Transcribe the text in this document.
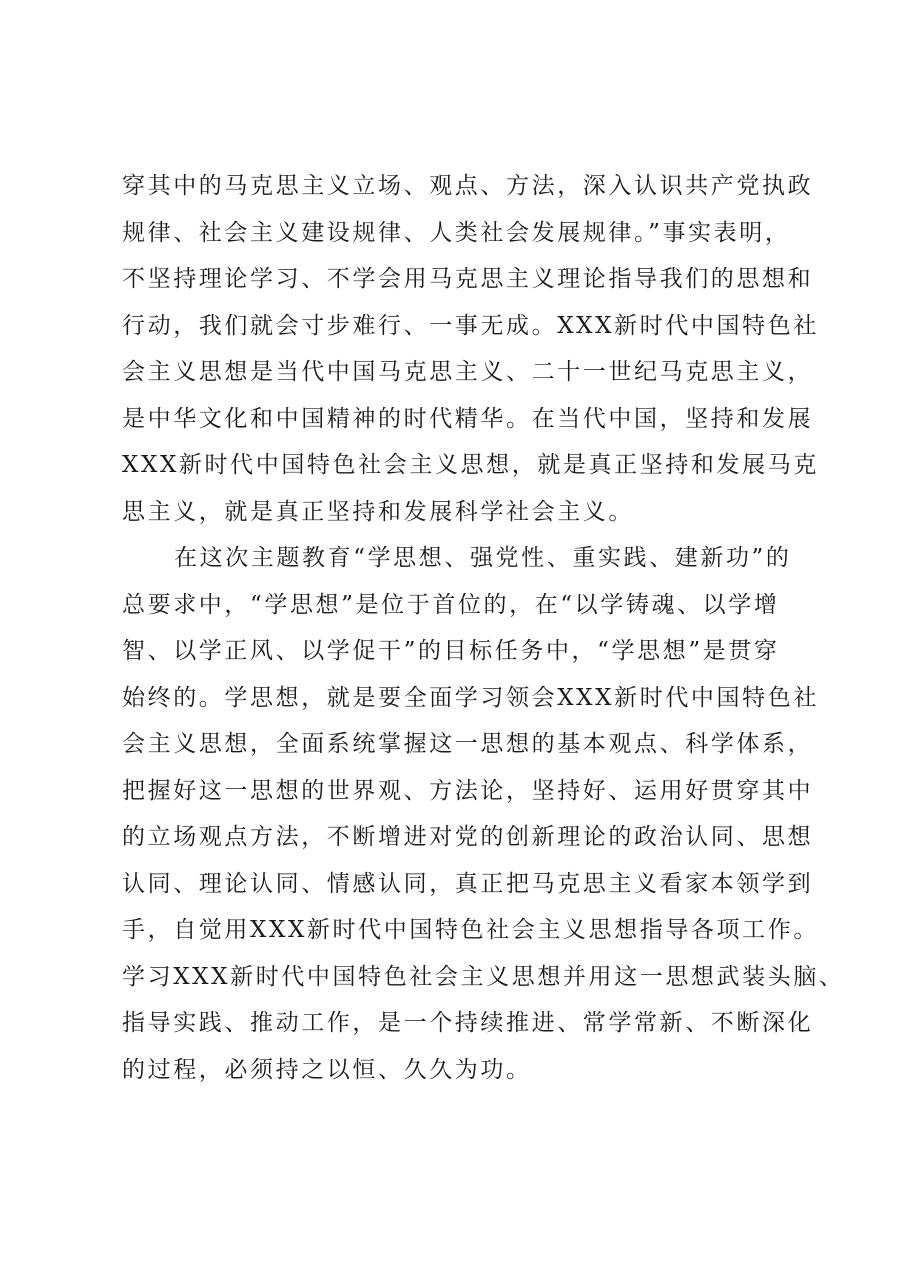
穿其中的马克思主义立场、观点、方法，深入认识共产党执政
规律、社会主义建设规律、人类社会发展规律。”事实表明，
不坚持理论学习、不学会用马克思主义理论指导我们的思想和
行动，我们就会寸步难行、一事无成。XXX新时代中国特色社
会主义思想是当代中国马克思主义、二十一世纪马克思主义，
是中华文化和中国精神的时代精华。在当代中国，坚持和发展
XXX新时代中国特色社会主义思想，就是真正坚持和发展马克
思主义，就是真正坚持和发展科学社会主义。
在这次主题教育“学思想、强党性、重实践、建新功”的
总要求中，“学思想”是位于首位的，在“以学铸魂、以学增
智、以学正风、以学促干”的目标任务中，“学思想”是贯穿
始终的。学思想，就是要全面学习领会XXX新时代中国特色社
会主义思想，全面系统掌握这一思想的基本观点、科学体系，
把握好这一思想的世界观、方法论，坚持好、运用好贯穿其中
的立场观点方法，不断增进对党的创新理论的政治认同、思想
认同、理论认同、情感认同，真正把马克思主义看家本领学到
手，自觉用XXX新时代中国特色社会主义思想指导各项工作。
学习XXX新时代中国特色社会主义思想并用这一思想武装头脑、
指导实践、推动工作，是一个持续推进、常学常新、不断深化
的过程，必须持之以恒、久久为功。
